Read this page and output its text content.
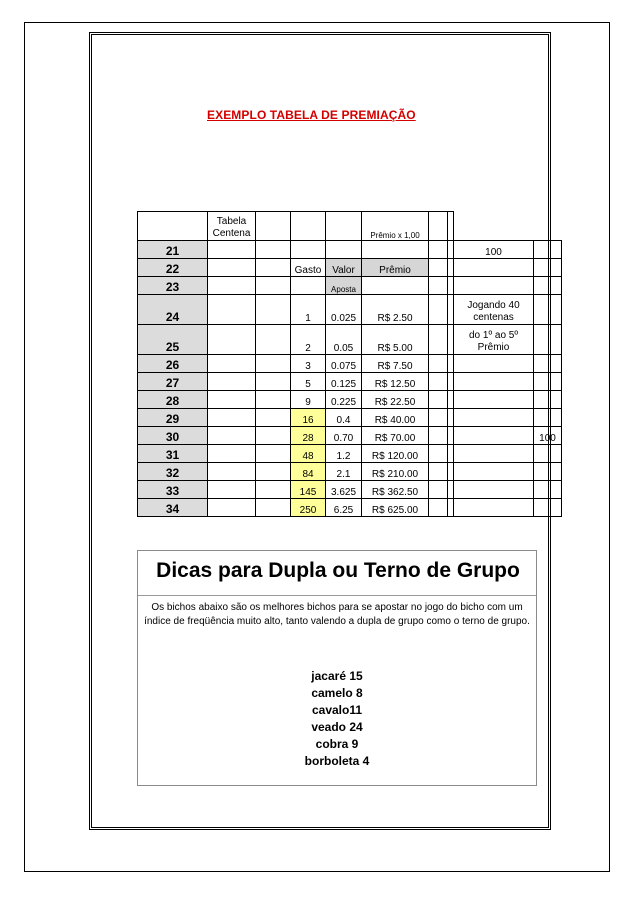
EXEMPLO TABELA DE PREMIAÇÃO
	Tabela
Centena				Prêmio x 1,00				
21								100	
22			Gasto	Valor	Prêmio				
23				Aposta					
24			1	0.025	R$ 2.50			Jogando 40
centenas	
25			2	0.05	R$ 5.00			do 1º ao 5º
Prêmio	
26			3	0.075	R$ 7.50				
27			5	0.125	R$ 12.50				
28			9	0.225	R$ 22.50				
29			16	0.4	R$ 40.00				
30			28	0.70	R$ 70.00				100
31			48	1.2	R$ 120.00				
32			84	2.1	R$ 210.00				
33			145	3.625	R$ 362.50				
34			250	6.25	R$ 625.00				
Dicas para Dupla ou Terno de Grupo
Os bichos abaixo são os melhores bichos para se apostar no jogo do bicho com um índice de freqüência muito alto, tanto valendo a dupla de grupo como o terno de grupo.
jacaré 15
camelo 8
cavalo11
veado 24
cobra 9
borboleta 4
